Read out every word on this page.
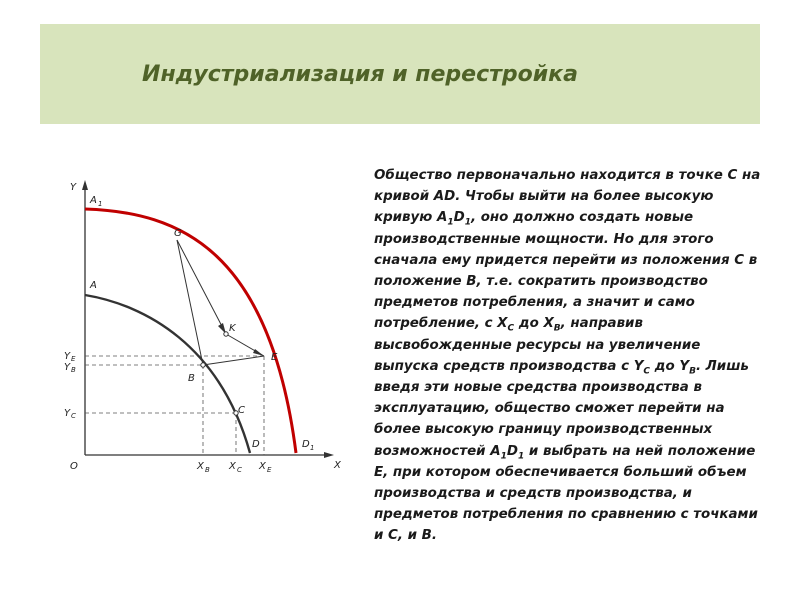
Индустриализация и перестройка
Y
X
O
A 1
A
G
K
E
B
C
D	D 1
Y E
Y B
Y C
X B X C X E
Общество первоначально находится в точке С на кривой AD. Чтобы выйти на более высокую кривую $A_1D_1$, оно должно создать новые производственные мощности. Но для этого сначала ему придется перейти из положения С в положение В, т.е. сократить производство предметов потребления, а значит и само потребление, с $X_C$ до $X_B$, направив высвобожденные ресурсы на увеличение выпуска средств производства с $Y_C$ до $Y_B$. Лишь введя эти новые средства производства в эксплуатацию, общество сможет перейти на более высокую границу производственных возможностей $A_1D_1$ и выбрать на ней положение E, при котором обеспечивается больший объем производства и средств производства, и предметов потребления по сравнению с точками и С, и В.
